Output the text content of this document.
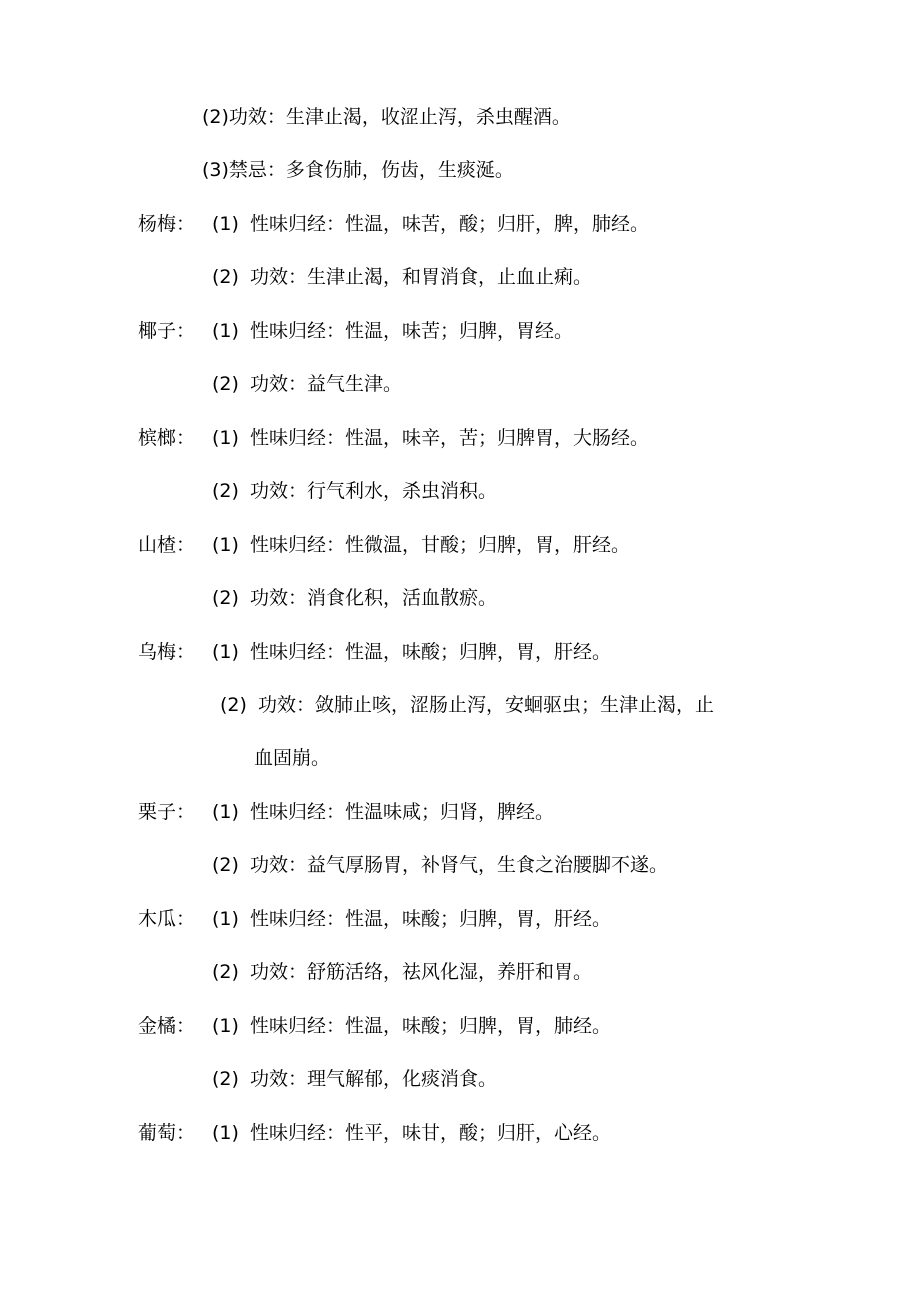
(2)功效：生津止渴，收涩止泻，杀虫醒酒。
(3)禁忌：多食伤肺，伤齿，生痰涎。
杨梅： (1) 性味归经：性温，味苦，酸；归肝，脾，肺经。
(2) 功效：生津止渴，和胃消食，止血止痢。
椰子： (1) 性味归经：性温，味苦；归脾，胃经。
(2) 功效：益气生津。
槟榔： (1) 性味归经：性温，味辛，苦；归脾胃，大肠经。
(2) 功效：行气利水，杀虫消积。
山楂： (1) 性味归经：性微温，甘酸；归脾，胃，肝经。
(2) 功效：消食化积，活血散瘀。
乌梅： (1) 性味归经：性温，味酸；归脾，胃，肝经。
(2) 功效：敛肺止咳，涩肠止泻，安蛔驱虫；生津止渴，止
血固崩。
栗子： (1) 性味归经：性温味咸；归肾，脾经。
(2) 功效：益气厚肠胃，补肾气，生食之治腰脚不遂。
木瓜： (1) 性味归经：性温，味酸；归脾，胃，肝经。
(2) 功效：舒筋活络，祛风化湿，养肝和胃。
金橘： (1) 性味归经：性温，味酸；归脾，胃，肺经。
(2) 功效：理气解郁，化痰消食。
葡萄： (1) 性味归经：性平，味甘，酸；归肝，心经。
